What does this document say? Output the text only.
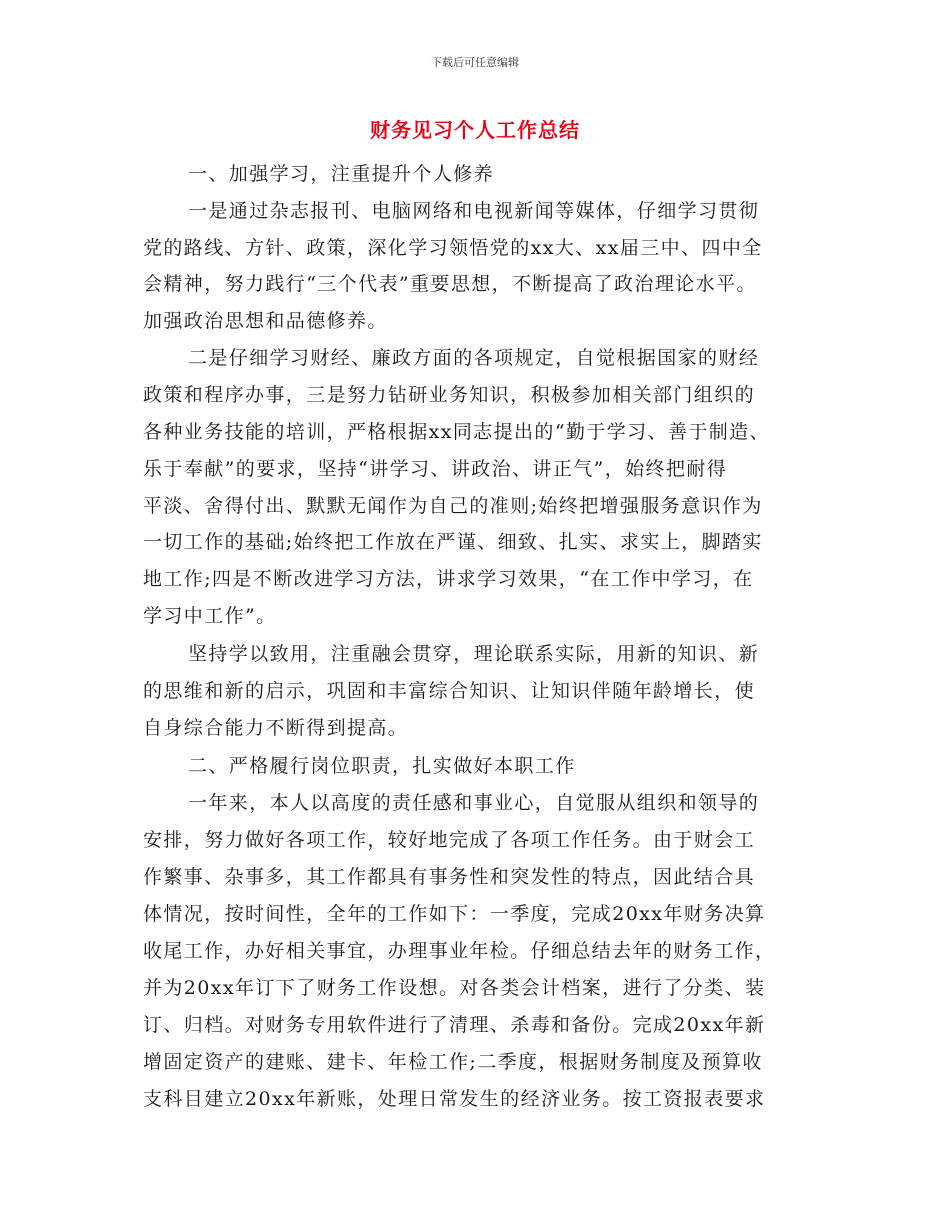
下载后可任意编辑
财务见习个人工作总结
一、加强学习，注重提升个人修养
一是通过杂志报刊、电脑网络和电视新闻等媒体，仔细学习贯彻
党的路线、方针、政策，深化学习领悟党的xx大、xx届三中、四中全
会精神，努力践行“三个代表”重要思想，不断提高了政治理论水平。
加强政治思想和品德修养。
二是仔细学习财经、廉政方面的各项规定，自觉根据国家的财经
政策和程序办事，三是努力钻研业务知识，积极参加相关部门组织的
各种业务技能的培训，严格根据xx同志提出的“勤于学习、善于制造、
乐于奉献”的要求，坚持“讲学习、讲政治、讲正气”，始终把耐得
平淡、舍得付出、默默无闻作为自己的准则;始终把增强服务意识作为
一切工作的基础;始终把工作放在严谨、细致、扎实、求实上，脚踏实
地工作;四是不断改进学习方法，讲求学习效果，“在工作中学习，在
学习中工作”。
坚持学以致用，注重融会贯穿，理论联系实际，用新的知识、新
的思维和新的启示，巩固和丰富综合知识、让知识伴随年龄增长，使
自身综合能力不断得到提高。
二、严格履行岗位职责，扎实做好本职工作
一年来，本人以高度的责任感和事业心，自觉服从组织和领导的
安排，努力做好各项工作，较好地完成了各项工作任务。由于财会工
作繁事、杂事多，其工作都具有事务性和突发性的特点，因此结合具
体情况，按时间性，全年的工作如下：一季度，完成20xx年财务决算
收尾工作，办好相关事宜，办理事业年检。仔细总结去年的财务工作，
并为20xx年订下了财务工作设想。对各类会计档案，进行了分类、装
订、归档。对财务专用软件进行了清理、杀毒和备份。完成20xx年新
增固定资产的建账、建卡、年检工作;二季度，根据财务制度及预算收
支科目建立20xx年新账，处理日常发生的经济业务。按工资报表要求
